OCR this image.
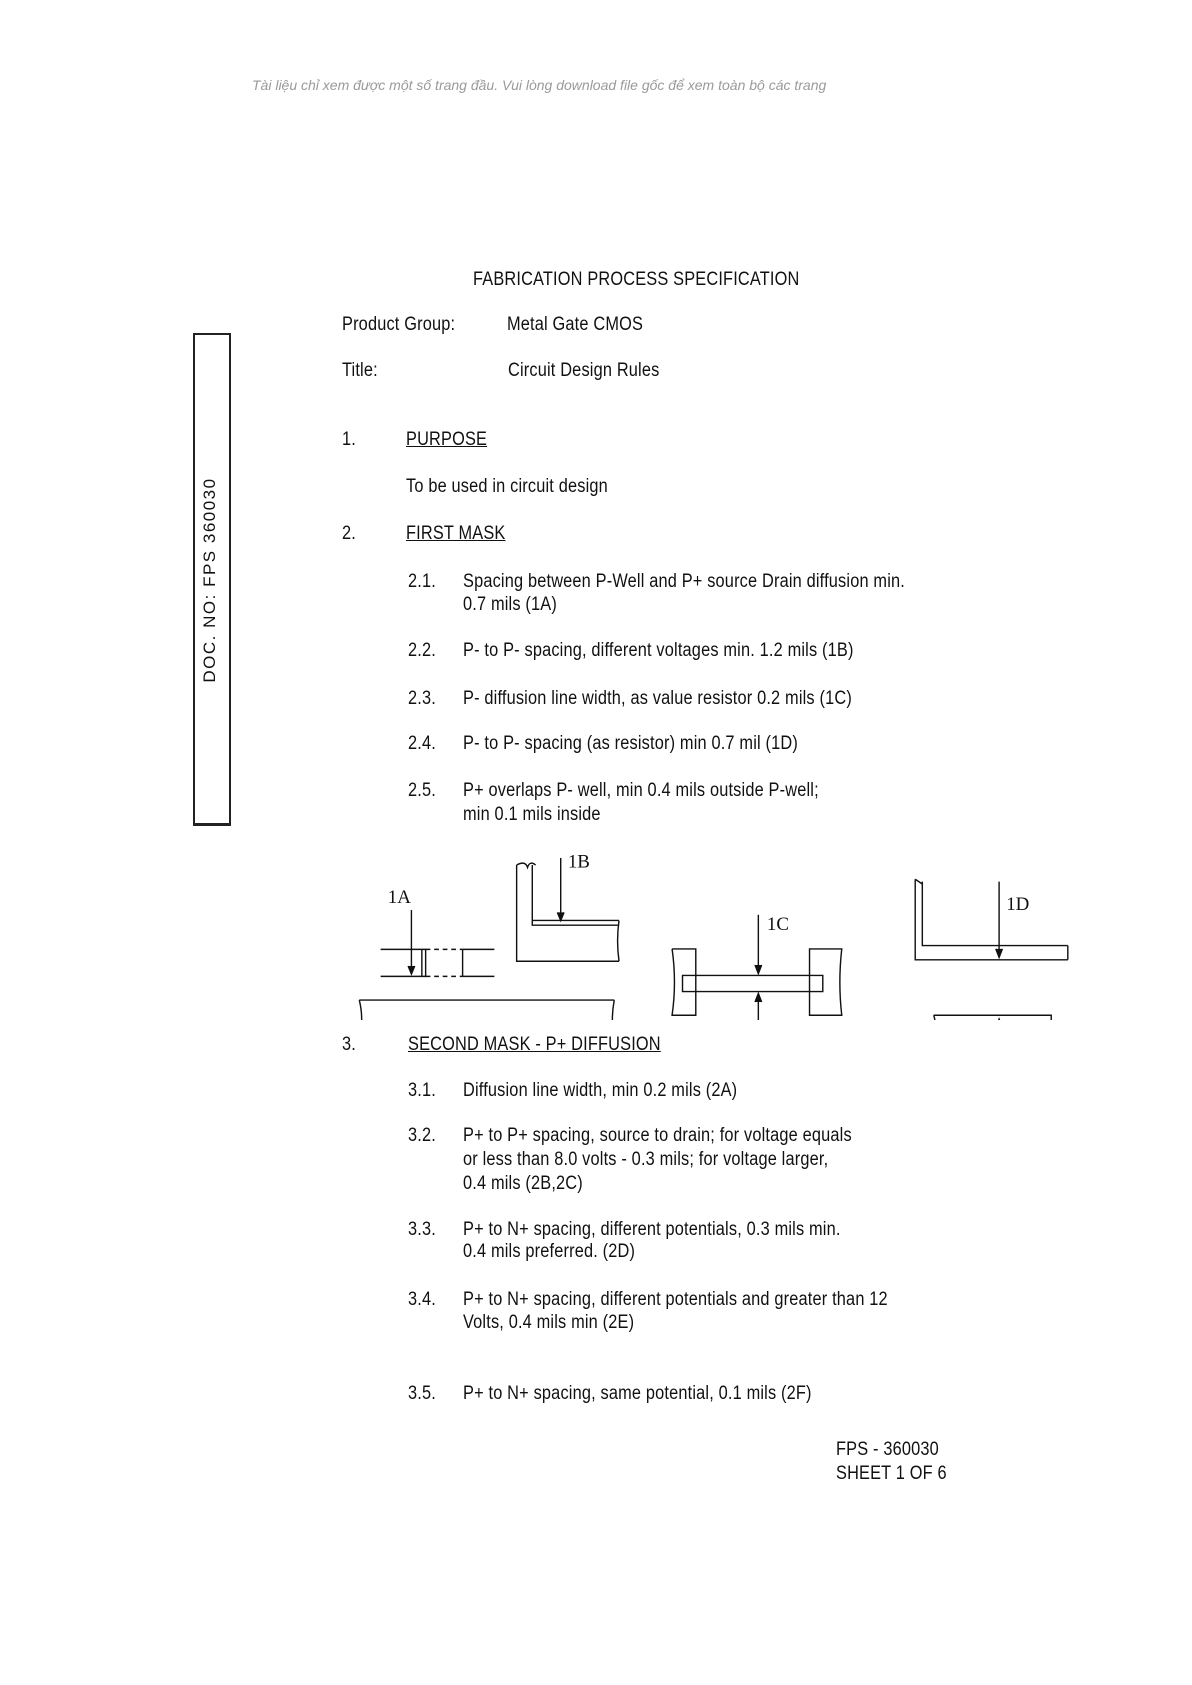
Tài liệu chỉ xem được một số trang đầu. Vui lòng download file gốc để xem toàn bộ các trang
DOC. NO: FPS 360030
FABRICATION PROCESS SPECIFICATION
Product Group:	Metal Gate CMOS
Title:	Circuit Design Rules
1.	PURPOSE
To be used in circuit design
2.	FIRST MASK
2.1. Spacing between P-Well and P+ source Drain diffusion min.
0.7 mils (1A)
2.2. P- to P- spacing, different voltages min. 1.2 mils (1B)
2.3. P- diffusion line width, as value resistor 0.2 mils (1C)
2.4. P- to P- spacing (as resistor) min 0.7 mil (1D)
2.5. P+ overlaps P- well, min 0.4 mils outside P-well;
min 0.1 mils inside
1A
1B
1C
1D
3.	SECOND MASK - P+ DIFFUSION
3.1. Diffusion line width, min 0.2 mils (2A)
3.2. P+ to P+ spacing, source to drain; for voltage equals
or less than 8.0 volts - 0.3 mils; for voltage larger,
0.4 mils (2B,2C)
3.3. P+ to N+ spacing, different potentials, 0.3 mils min.
0.4 mils preferred. (2D)
3.4. P+ to N+ spacing, different potentials and greater than 12
Volts, 0.4 mils min (2E)
3.5. P+ to N+ spacing, same potential, 0.1 mils (2F)
FPS - 360030
SHEET 1 OF 6
